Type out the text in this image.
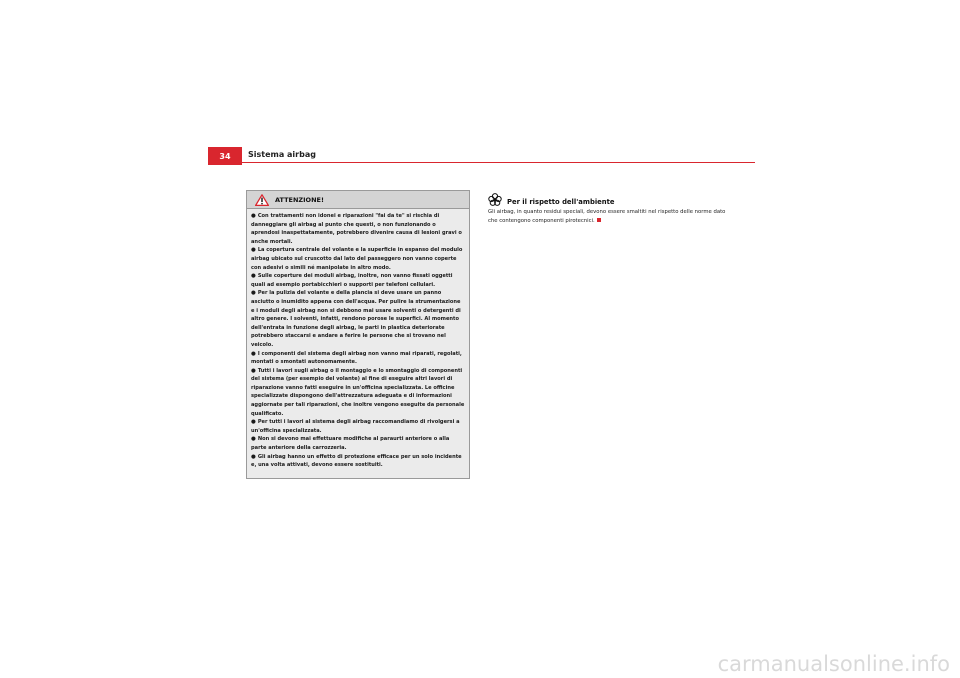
34	Sistema airbag
ATTENZIONE!

● Con trattamenti non idonei e riparazioni "fai da te" si rischia di danneggiare gli airbag al punto che questi, o non funzionando o aprendosi inaspettatamente, potrebbero divenire causa di lesioni gravi o anche mortali.

● La copertura centrale del volante e la superficie in espanso del modulo airbag ubicato sul cruscotto dal lato del passeggero non vanno coperte con adesivi o simili né manipolate in altro modo.

● Sulle coperture dei moduli airbag, inoltre, non vanno fissati oggetti quali ad esempio portabicchieri o supporti per telefoni cellulari.

● Per la pulizia del volante e della plancia si deve usare un panno asciutto o inumidito appena con dell'acqua. Per pulire la strumentazione e i moduli degli airbag non si debbono mai usare solventi o detergenti di altro genere. I solventi, infatti, rendono porose le superfici. Al momento dell'entrata in funzione degli airbag, le parti in plastica deteriorate potrebbero staccarsi e andare a ferire le persone che si trovano nel veicolo.

● I componenti del sistema degli airbag non vanno mai riparati, regolati, montati o smontati autonomamente.

● Tutti i lavori sugli airbag o il montaggio e lo smontaggio di componenti del sistema (per esempio del volante) al fine di eseguire altri lavori di riparazione vanno fatti eseguire in un'officina specializzata. Le officine specializzate dispongono dell'attrezzatura adeguata e di informazioni aggiornate per tali riparazioni, che inoltre vengono eseguite da personale qualificato.

● Per tutti i lavori al sistema degli airbag raccomandiamo di rivolgersi a un'officina specializzata.

● Non si devono mai effettuare modifiche al paraurti anteriore o alla parte anteriore della carrozzeria.

● Gli airbag hanno un effetto di protezione efficace per un solo incidente e, una volta attivati, devono essere sostituiti.

Per il rispetto dell'ambiente

Gli airbag, in quanto residui speciali, devono essere smaltiti nel rispetto delle norme dato che contengono componenti pirotecnici.

carmanualsonline.info
